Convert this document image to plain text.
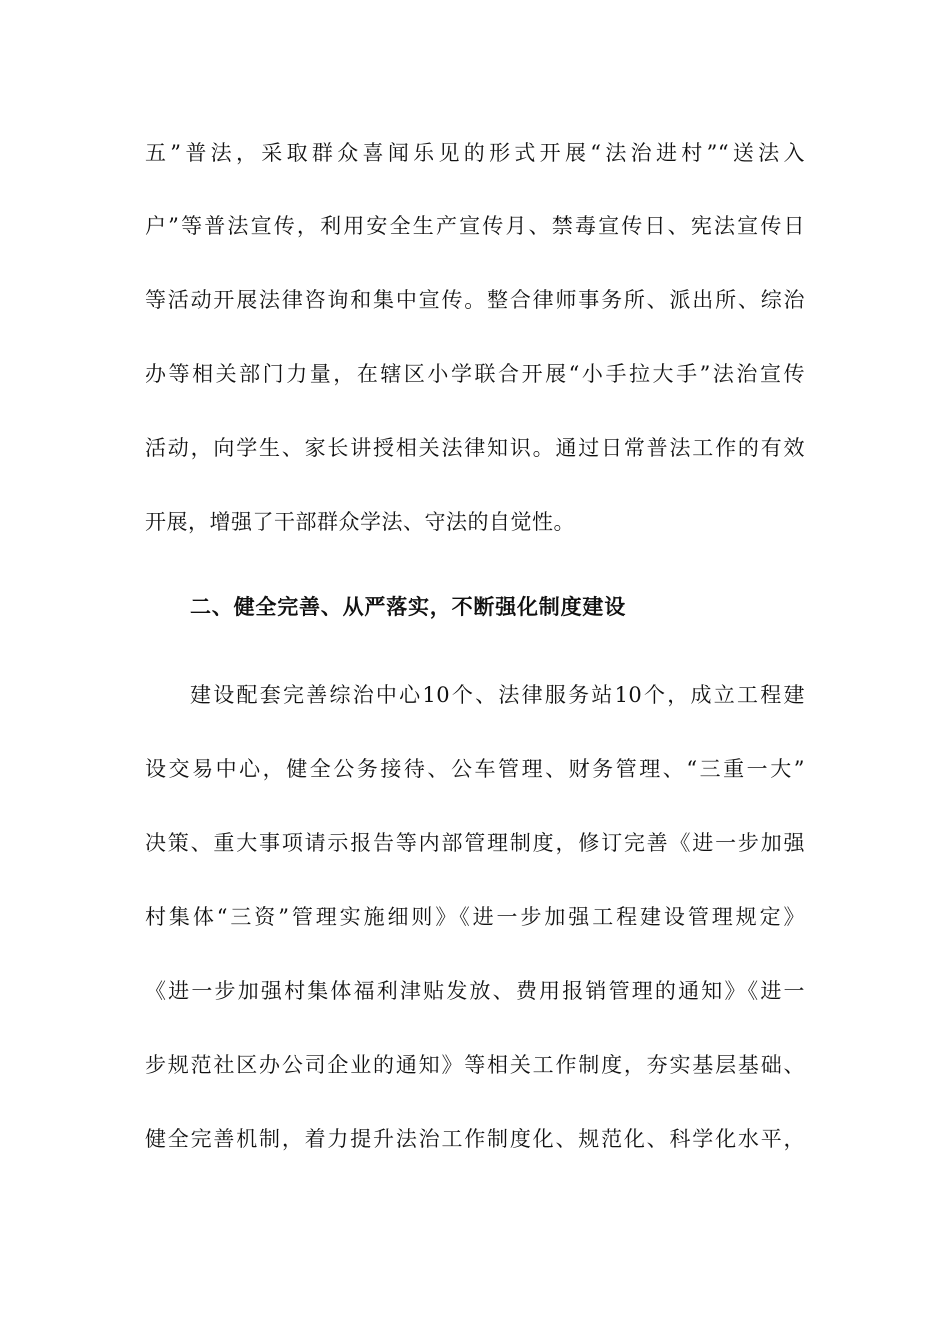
五”普法，采取群众喜闻乐见的形式开展“法治进村”“送法入
户”等普法宣传，利用安全生产宣传月、禁毒宣传日、宪法宣传日
等活动开展法律咨询和集中宣传。整合律师事务所、派出所、综治
办等相关部门力量，在辖区小学联合开展“小手拉大手”法治宣传
活动，向学生、家长讲授相关法律知识。通过日常普法工作的有效
开展，增强了干部群众学法、守法的自觉性。
二、健全完善、从严落实，不断强化制度建设
建设配套完善综治中心10个、法律服务站10个，成立工程建
设交易中心，健全公务接待、公车管理、财务管理、“三重一大”
决策、重大事项请示报告等内部管理制度，修订完善《进一步加强
村集体“三资”管理实施细则》《进一步加强工程建设管理规定》
《进一步加强村集体福利津贴发放、费用报销管理的通知》《进一
步规范社区办公司企业的通知》等相关工作制度，夯实基层基础、
健全完善机制，着力提升法治工作制度化、规范化、科学化水平，
